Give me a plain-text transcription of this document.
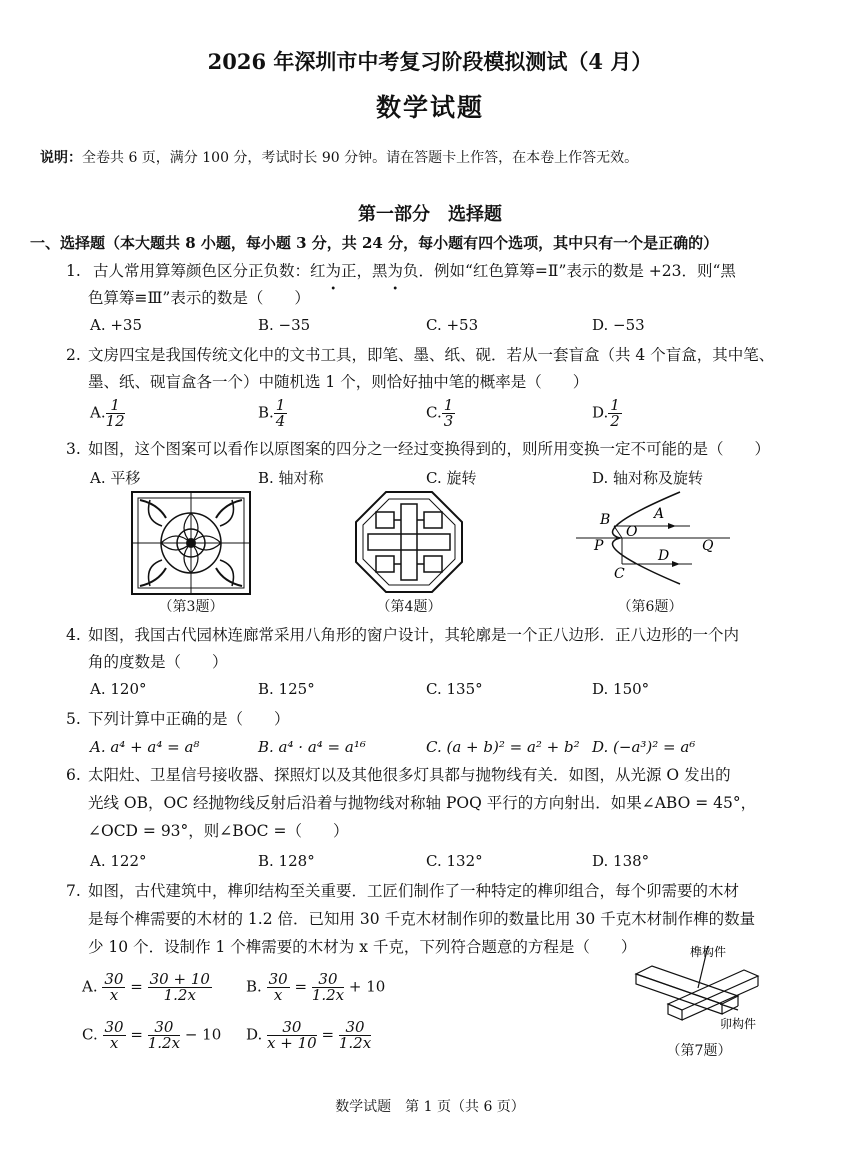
2026 年深圳市中考复习阶段模拟测试（4 月）
数学试题
说明：全卷共 6 页，满分 100 分，考试时长 90 分钟。请在答题卡上作答，在本卷上作答无效。
第一部分　选择题
一、选择题（本大题共 8 小题，每小题 3 分，共 24 分，每小题有四个选项，其中只有一个是正确的）
1. 古人常用算筹颜色区分正负数：红为正，黑为负．例如“红色算筹=Ⅱ”表示的数是 +23．则“黑
色算筹≡Ⅲ”表示的数是（　　）
A. +35	B. −35	C. +53	D. −53
2. 文房四宝是我国传统文化中的文书工具，即笔、墨、纸、砚．若从一套盲盒（共 4 个盲盒，其中笔、
墨、纸、砚盲盒各一个）中随机选 1 个，则恰好抽中笔的概率是（　　）
A. $\frac{1}{12}$	B. $\frac{1}{4}$	C. $\frac{1}{3}$	D. $\frac{1}{2}$
3. 如图，这个图案可以看作以原图案的四分之一经过变换得到的，则所用变换一定不可能的是（　　）
A. 平移	B. 轴对称	C. 旋转	D. 轴对称及旋转
（第3题）	（第4题）
B	A
O
P	Q
D
C
（第6题）
4. 如图，我国古代园林连廊常采用八角形的窗户设计，其轮廓是一个正八边形．正八边形的一个内
角的度数是（　　）
A. 120°	B. 125°	C. 135°	D. 150°
5. 下列计算中正确的是（　　）
A. a⁴ + a⁴ = a⁸	B. a⁴ · a⁴ = a¹⁶	C. (a + b)² = a² + b² D. (−a³)² = a⁶
6. 太阳灶、卫星信号接收器、探照灯以及其他很多灯具都与抛物线有关．如图，从光源 O 发出的
光线 OB，OC 经抛物线反射后沿着与抛物线对称轴 POQ 平行的方向射出．如果∠ABO = 45°，
∠OCD = 93°，则∠BOC =（　　）
A. 122°	B. 128°	C. 132°	D. 138°
7. 如图，古代建筑中，榫卯结构至关重要．工匠们制作了一种特定的榫卯组合，每个卯需要的木材
是每个榫需要的木材的 1.2 倍．已知用 30 千克木材制作卯的数量比用 30 千克木材制作榫的数量
少 10 个．设制作 1 个榫需要的木材为 x 千克，下列符合题意的方程是（　　）
A. $\frac{30}{x} = \frac{30 + 10}{1.2x} B$. $\frac{30}{x} = \frac{30}{1.2x} + 10$
C. $\frac{30}{x} = \frac{30}{1.2x} - 10$ D. $\frac{30}{x + 10} = \frac{30}{1.2x}$
榫构件
卯构件
（第7题）
数学试题　第 1 页（共 6 页）
